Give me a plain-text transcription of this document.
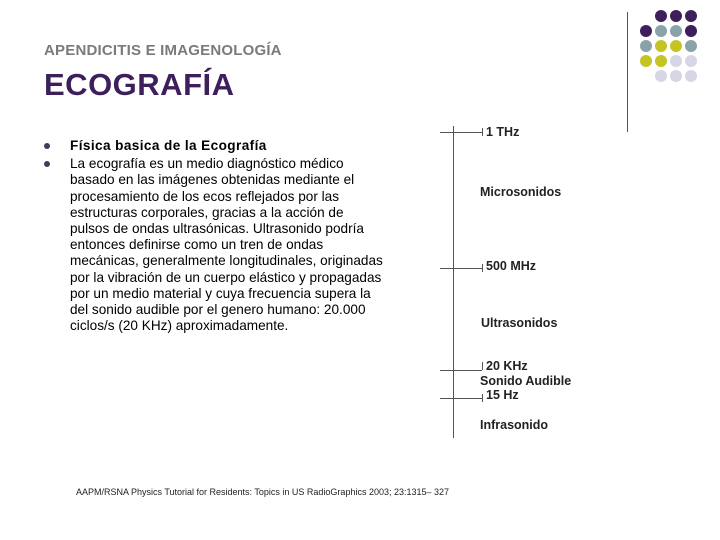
APENDICITIS E IMAGENOLOGÍA
ECOGRAFÍA
Física basica de la Ecografía
La ecografía es un medio diagnóstico médico basado en las imágenes obtenidas mediante el procesamiento de los ecos reflejados por las estructuras corporales, gracias a la acción de pulsos de ondas ultrasónicas. Ultrasonido podría entonces definirse como un tren de ondas mecánicas, generalmente longitudinales, originadas por la vibración de un cuerpo elástico y propagadas por un medio material y cuya frecuencia supera la del sonido audible por el genero humano: 20.000 ciclos/s (20 KHz) aproximadamente.
1 THz
Microsonidos
500 MHz
Ultrasonidos
20 KHz
Sonido Audible
15 Hz
Infrasonido
AAPM/RSNA Physics Tutorial for Residents: Topics in US RadioGraphics 2003; 23:1315– 327
